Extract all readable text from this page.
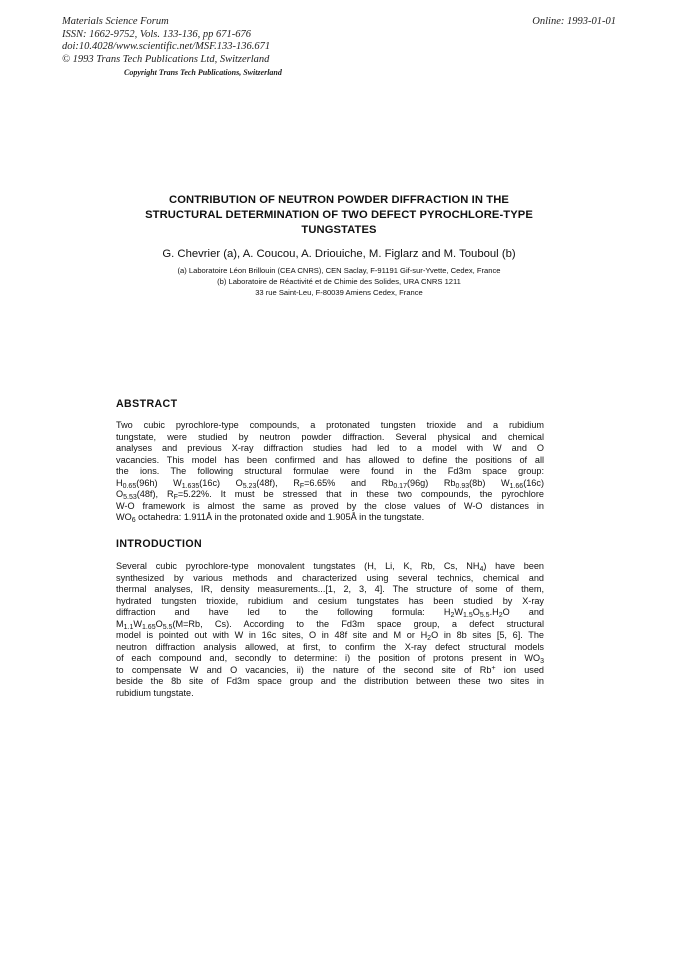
Materials Science Forum
ISSN: 1662-9752, Vols. 133-136, pp 671-676
doi:10.4028/www.scientific.net/MSF.133-136.671
© 1993 Trans Tech Publications Ltd, Switzerland
Online: 1993-01-01
Copyright Trans Tech Publications, Switzerland
CONTRIBUTION OF NEUTRON POWDER DIFFRACTION IN THE
STRUCTURAL DETERMINATION OF TWO DEFECT PYROCHLORE-TYPE
TUNGSTATES
G. Chevrier (a), A. Coucou, A. Driouiche, M. Figlarz and M. Touboul (b)
(a) Laboratoire Léon Brillouin (CEA CNRS), CEN Saclay, F-91191 Gif-sur-Yvette, Cedex, France
(b) Laboratoire de Réactivité et de Chimie des Solides, URA CNRS 1211
33 rue Saint-Leu, F-80039 Amiens Cedex, France
ABSTRACT
Two cubic pyrochlore-type compounds, a protonated tungsten trioxide and a rubidium
tungstate, were studied by neutron powder diffraction. Several physical and chemical
analyses and previous X-ray diffraction studies had led to a model with W and O
vacancies. This model has been confirmed and has allowed to define the positions of all
the ions. The following structural formulae were found in the Fd3m space group:
$H_{0.65}(96h)$ $W_{1.635}(16c)$ $O_{5.23}(48f)$, $R_F=6.65\%$ and $Rb_{0.17}(96g)$ $Rb_{0.93}(8b)$ $W_{1.66}(16c)$
$O_{5.53}(48f)$, $R_F=5.22\%$. It must be stressed that in these two compounds, the pyrochlore
W-O framework is almost the same as proved by the close values of W-O distances in
$WO_6$ octahedra: 1.911Å in the protonated oxide and 1.905Å in the tungstate.
INTRODUCTION
Several cubic pyrochlore-type monovalent tungstates (H, Li, K, Rb, Cs, $NH_4$) have been
synthesized by various methods and characterized using several technics, chemical and
thermal analyses, IR, density measurements...[1, 2, 3, 4]. The structure of some of them,
hydrated tungsten trioxide, rubidium and cesium tungstates has been studied by X-ray
diffraction and have led to the following formula: $H_2W_{1.5}O_{5.5}.H_2O$ and
$M_{1.1}W_{1.65}O_{5.5}(M=Rb$, Cs). According to the Fd3m space group, a defect structural
model is pointed out with W in 16c sites, O in 48f site and M or $H_2O$ in 8b sites [5, 6]. The
neutron diffraction analysis allowed, at first, to confirm the X-ray defect structural models
of each compound and, secondly to determine: i) the position of protons present in $WO_3$
to compensate W and O vacancies, ii) the nature of the second site of Rb+ ion used
beside the 8b site of Fd3m space group and the distribution between these two sites in
rubidium tungstate.
